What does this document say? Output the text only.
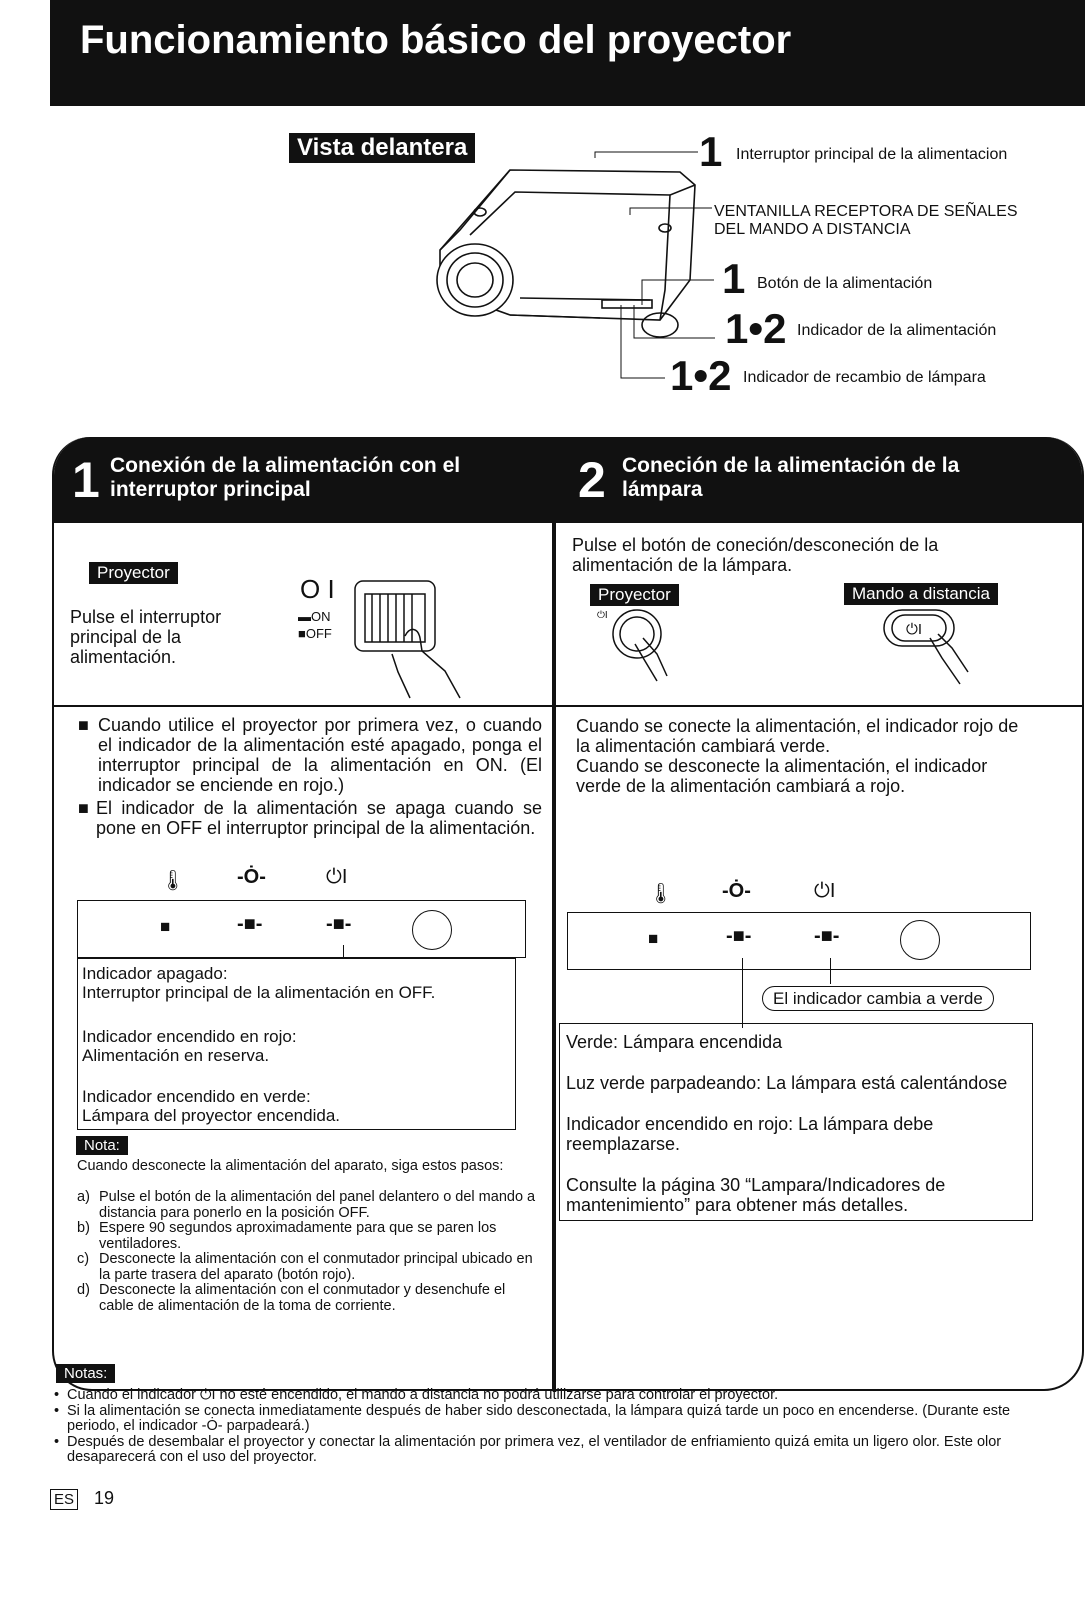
Funcionamiento básico del proyector
Vista delantera	1 Interruptor principal de la alimentacion
VENTANILLA RECEPTORA DE SEÑALES DEL MANDO A DISTANCIA
1 Botón de la alimentación
1•2 Indicador de la alimentación
1•2 Indicador de recambio de lámpara
1 Conexión de la alimentación con el interruptor principal	2 Coneción de la alimentación de la lámpara
Proyector
Pulse el interruptor principal de la alimentación.
O I
▬ON
■OFF
■ Cuando utilice el proyector por primera vez, o cuando el indicador de la alimentación esté apagado, ponga el interruptor principal de la alimentación en ON. (El indicador se enciende en rojo.)
■ El indicador de la alimentación se apaga cuando se pone en OFF el interruptor principal de la alimentación.
🌡	-Ȯ-	⏻I
■	-■-	-■-
Indicador apagado:
Interruptor principal de la alimentación en OFF.
Indicador encendido en rojo:
Alimentación en reserva.
Indicador encendido en verde:
Lámpara del proyector encendida.
Nota:
Cuando desconecte la alimentación del aparato, siga estos pasos:
a) Pulse el botón de la alimentación del panel delantero o del mando a distancia para ponerlo en la posición OFF.
b) Espere 90 segundos aproximadamente para que se paren los ventiladores.
c) Desconecte la alimentación con el conmutador principal ubicado en la parte trasera del aparato (botón rojo).
d) Desconecte la alimentación con el conmutador y desenchufe el cable de alimentación de la toma de corriente.
Pulse el botón de coneción/desconeción de la alimentación de la lámpara.
Proyector	Mando a distancia
⏻I
⏻I
Cuando se conecte la alimentación, el indicador rojo de la alimentación cambiará verde.
Cuando se desconecte la alimentación, el indicador verde de la alimentación cambiará a rojo.
🌡 -Ȯ-	⏻I
■	-■-	-■-
El indicador cambia a verde
Verde: Lámpara encendida
Luz verde parpadeando: La lámpara está calentándose
Indicador encendido en rojo: La lámpara debe reemplazarse.
Consulte la página 30 “Lampara/Indicadores de mantenimiento” para obtener más detalles.
Notas:
• Cuando el indicador ⏻I no esté encendido, el mando a distancia no podrá utilizarse para controlar el proyector.
• Si la alimentación se conecta inmediatamente después de haber sido desconectada, la lámpara quizá tarde un poco en encenderse. (Durante este periodo, el indicador -Ȯ- parpadeará.)
• Después de desembalar el proyector y conectar la alimentación por primera vez, el ventilador de enfriamiento quizá emita un ligero olor. Este olor desaparecerá con el uso del proyector.
ES 19
